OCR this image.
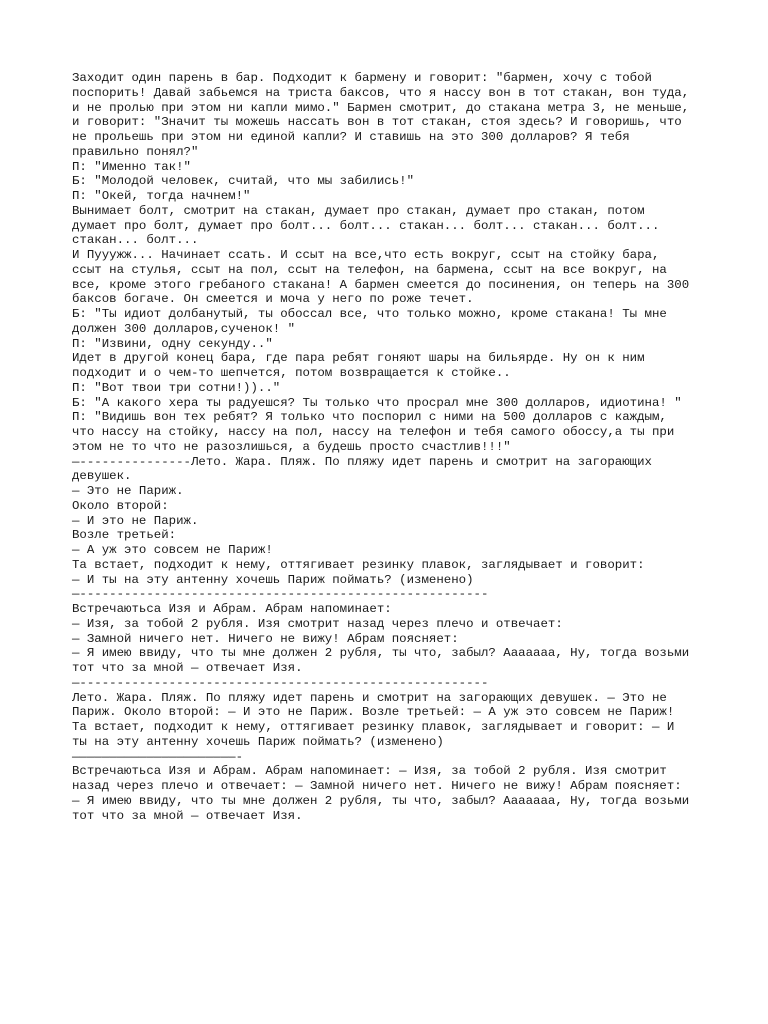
Заходит один парень в бар. Подходит к бармену и говорит: "бармен, хочу с тобой
поспорить! Давай забьемся на триста баксов, что я нассу вон в тот стакан, вон туда,
и не пролью при этом ни капли мимо." Бармен смотрит, до стакана метра 3, не меньше,
и говорит: "Значит ты можешь нассать вон в тот стакан, стоя здесь? И говоришь, что
не прольешь при этом ни единой капли? И ставишь на это 300 долларов? Я тебя
правильно понял?"
П: "Именно так!"
Б: "Молодой человек, считай, что мы забились!"
П: "Окей, тогда начнем!"
Вынимает болт, смотрит на стакан, думает про стакан, думает про стакан, потом
думает про болт, думает про болт... болт... стакан... болт... стакан... болт...
стакан... болт...
И Пууужж... Начинает ссать. И ссыт на все,что есть вокруг, ссыт на стойку бара,
ссыт на стулья, ссыт на пол, ссыт на телефон, на бармена, ссыт на все вокруг, на
все, кроме этого гребаного стакана! А бармен смеется до посинения, он теперь на 300
баксов богаче. Он смеется и моча у него по роже течет.
Б: "Ты идиот долбанутый, ты обоссал все, что только можно, кроме стакана! Ты мне
должен 300 долларов,сученок! "
П: "Извини, одну секунду.."
Идет в другой конец бара, где пара ребят гоняют шары на бильярде. Ну он к ним
подходит и о чем-то шепчется, потом возвращается к стойке..
П: "Вот твои три сотни!)).."
Б: "А какого хера ты радуешся? Ты только что просрал мне 300 долларов, идиотина! "
П: "Видишь вон тех ребят? Я только что поспорил с ними на 500 долларов с каждым,
что нассу на стойку, нассу на пол, нассу на телефон и тебя самого обоссу,а ты при
этом не то что не разозлишься, а будешь просто счастлив!!!"
—---------------Лето. Жара. Пляж. По пляжу идет парень и смотрит на загорающих
девушек.
— Это не Париж.
Около второй:
— И это не Париж.
Возле третьей:
— А уж это совсем не Париж!
Та встает, подходит к нему, оттягивает резинку плавок, заглядывает и говорит:
— И ты на эту антенну хочешь Париж поймать? (изменено)
—-------------------------------------------------------
Встречаютьса Изя и Абрам. Абрам напоминает:
— Изя, за тобой 2 рубля. Изя смотрит назад через плечо и отвечает:
— Замной ничего нет. Ничего не вижу! Абрам поясняет:
— Я имею ввиду, что ты мне должен 2 рубля, ты что, забыл? Ааааааа, Ну, тогда возьми
тот что за мной — отвечает Изя.
—-------------------------------------------------------
Лето. Жара. Пляж. По пляжу идет парень и смотрит на загорающих девушек. — Это не
Париж. Около второй: — И это не Париж. Возле третьей: — А уж это совсем не Париж!
Та встает, подходит к нему, оттягивает резинку плавок, заглядывает и говорит: — И
ты на эту антенну хочешь Париж поймать? (изменено)
——————————————————————-
Встречаютьса Изя и Абрам. Абрам напоминает: — Изя, за тобой 2 рубля. Изя смотрит
назад через плечо и отвечает: — Замной ничего нет. Ничего не вижу! Абрам поясняет:
— Я имею ввиду, что ты мне должен 2 рубля, ты что, забыл? Ааааааа, Ну, тогда возьми
тот что за мной — отвечает Изя.
